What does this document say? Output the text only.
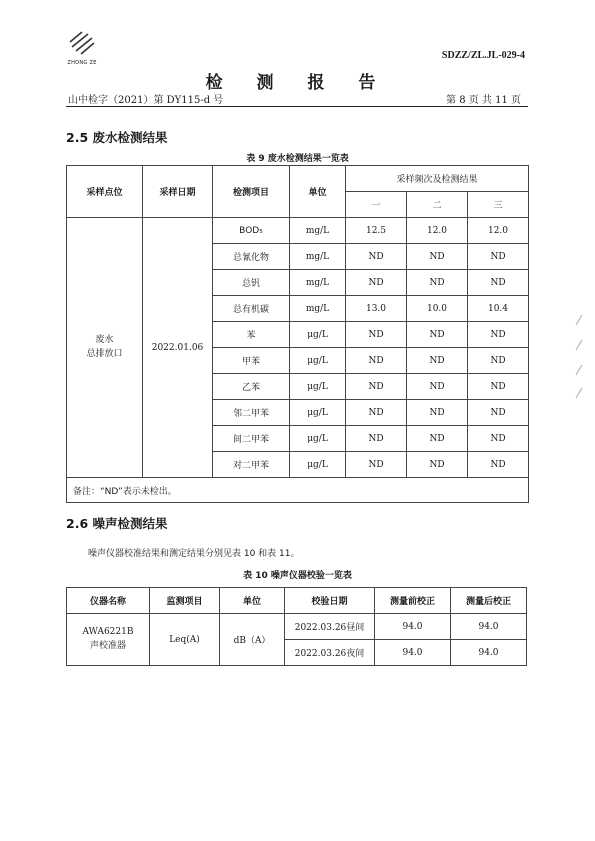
ZHONG ZE
SDZZ/ZL.JL-029-4
检 测 报 告
山中检字（2021）第 DY115-d 号	第 8 页 共 11 页
2.5 废水检测结果
表 9 废水检测结果一览表
采样点位	采样日期	检测项目	单位	采样频次及检测结果		
				一	二	三
废水
总排放口	2022.01.06	BOD₅	mg/L	12.5	12.0	12.0
		总氰化物	mg/L	ND	ND	ND
		总钒	mg/L	ND	ND	ND
		总有机碳	mg/L	13.0	10.0	10.4
		苯	μg/L	ND	ND	ND
		甲苯	μg/L	ND	ND	ND
		乙苯	μg/L	ND	ND	ND
		邻二甲苯	μg/L	ND	ND	ND
		间二甲苯	μg/L	ND	ND	ND
		对二甲苯	μg/L	ND	ND	ND
备注：“ND”表示未检出。						
2.6 噪声检测结果
噪声仪器校准结果和测定结果分别见表 10 和表 11。
表 10 噪声仪器校验一览表
仪器名称	监测项目	单位	校验日期	测量前校正	测量后校正
AWA6221B
声校准器	Leq(A)	dB（A）	2022.03.26昼间	94.0	94.0
			2022.03.26夜间	94.0	94.0
